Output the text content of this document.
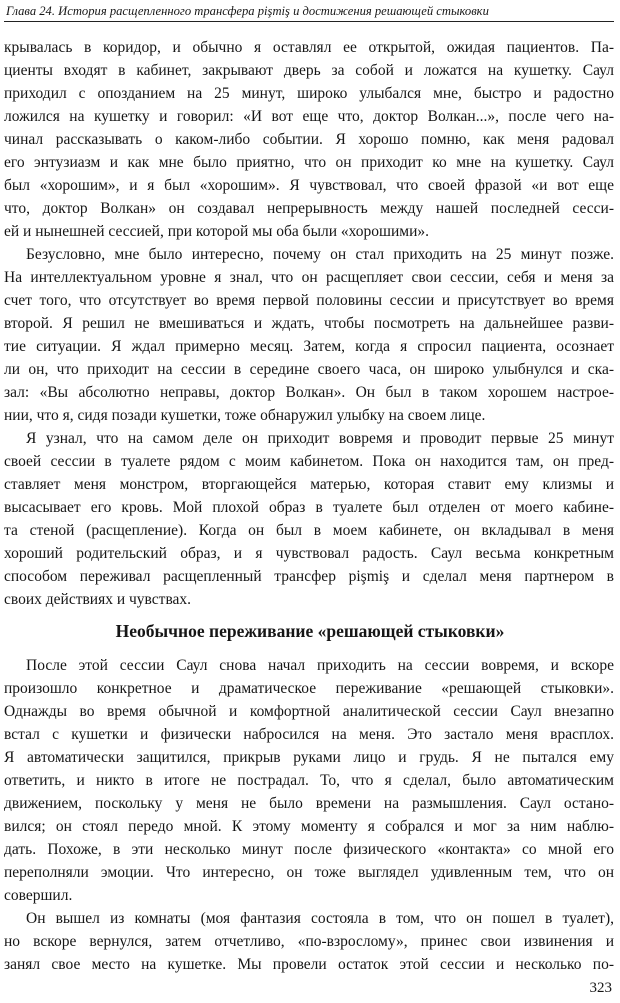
Глава 24. История расщепленного трансфера pişmiş и достижения решающей стыковки
крывалась в коридор, и обычно я оставлял ее открытой, ожидая пациентов. Па-
циенты входят в кабинет, закрывают дверь за собой и ложатся на кушетку. Саул
приходил с опозданием на 25 минут, широко улыбался мне, быстро и радостно
ложился на кушетку и говорил: «И вот еще что, доктор Волкан...», после чего на-
чинал рассказывать о каком-либо событии. Я хорошо помню, как меня радовал
его энтузиазм и как мне было приятно, что он приходит ко мне на кушетку. Саул
был «хорошим», и я был «хорошим». Я чувствовал, что своей фразой «и вот еще
что, доктор Волкан» он создавал непрерывность между нашей последней сесси-
ей и нынешней сессией, при которой мы оба были «хорошими».
Безусловно, мне было интересно, почему он стал приходить на 25 минут позже.
На интеллектуальном уровне я знал, что он расщепляет свои сессии, себя и меня за
счет того, что отсутствует во время первой половины сессии и присутствует во время
второй. Я решил не вмешиваться и ждать, чтобы посмотреть на дальнейшее разви-
тие ситуации. Я ждал примерно месяц. Затем, когда я спросил пациента, осознает
ли он, что приходит на сессии в середине своего часа, он широко улыбнулся и ска-
зал: «Вы абсолютно неправы, доктор Волкан». Он был в таком хорошем настрое-
нии, что я, сидя позади кушетки, тоже обнаружил улыбку на своем лице.
Я узнал, что на самом деле он приходит вовремя и проводит первые 25 минут
своей сессии в туалете рядом с моим кабинетом. Пока он находится там, он пред-
ставляет меня монстром, вторгающейся матерью, которая ставит ему клизмы и
высасывает его кровь. Мой плохой образ в туалете был отделен от моего кабине-
та стеной (расщепление). Когда он был в моем кабинете, он вкладывал в меня
хороший родительский образ, и я чувствовал радость. Саул весьма конкретным
способом переживал расщепленный трансфер pişmiş и сделал меня партнером в
своих действиях и чувствах.
Необычное переживание «решающей стыковки»
После этой сессии Саул снова начал приходить на сессии вовремя, и вскоре
произошло конкретное и драматическое переживание «решающей стыковки».
Однажды во время обычной и комфортной аналитической сессии Саул внезапно
встал с кушетки и физически набросился на меня. Это застало меня врасплох.
Я автоматически защитился, прикрыв руками лицо и грудь. Я не пытался ему
ответить, и никто в итоге не пострадал. То, что я сделал, было автоматическим
движением, поскольку у меня не было времени на размышления. Саул остано-
вился; он стоял передо мной. К этому моменту я собрался и мог за ним наблю-
дать. Похоже, в эти несколько минут после физического «контакта» со мной его
переполняли эмоции. Что интересно, он тоже выглядел удивленным тем, что он
совершил.
Он вышел из комнаты (моя фантазия состояла в том, что он пошел в туалет),
но вскоре вернулся, затем отчетливо, «по-взрослому», принес свои извинения и
занял свое место на кушетке. Мы провели остаток этой сессии и несколько по-
323
